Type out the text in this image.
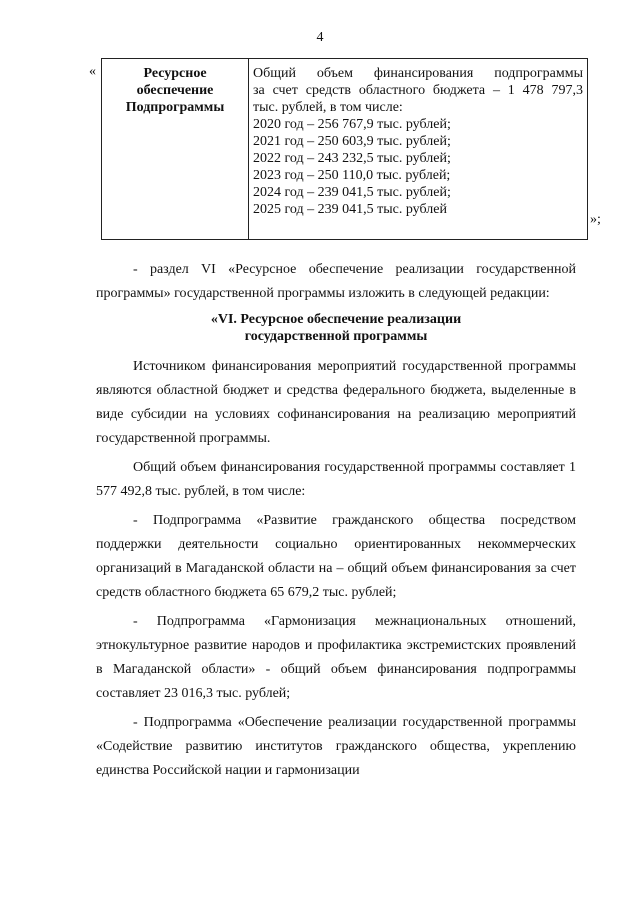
4
«	Ресурсное
обеспечение
Подпрограммы

Общий объем финансирования подпрограммы
за счет средств областного бюджета – 1 478 797,3
тыс. рублей, в том числе:
2020 год – 256 767,9 тыс. рублей;
2021 год – 250 603,9 тыс. рублей;
2022 год – 243 232,5 тыс. рублей;
2023 год – 250 110,0 тыс. рублей;
2024 год – 239 041,5 тыс. рублей;
2025 год – 239 041,5 тыс. рублей
»;

- раздел VI «Ресурсное обеспечение реализации государственной программы» государственной программы изложить в следующей редакции:

«VI. Ресурсное обеспечение реализации
государственной программы

Источником финансирования мероприятий государственной программы являются областной бюджет и средства федерального бюджета, выделенные в виде субсидии на условиях софинансирования на реализацию мероприятий государственной программы.

Общий объем финансирования государственной программы составляет 1 577 492,8 тыс. рублей, в том числе:

- Подпрограмма «Развитие гражданского общества посредством поддержки деятельности социально ориентированных некоммерческих организаций в Магаданской области на – общий объем финансирования за счет средств областного бюджета 65 679,2 тыс. рублей;

- Подпрограмма «Гармонизация межнациональных отношений, этнокультурное развитие народов и профилактика экстремистских проявлений в Магаданской области» - общий объем финансирования подпрограммы составляет 23 016,3 тыс. рублей;

- Подпрограмма «Обеспечение реализации государственной программы «Содействие развитию институтов гражданского общества, укреплению единства Российской нации и гармонизации
